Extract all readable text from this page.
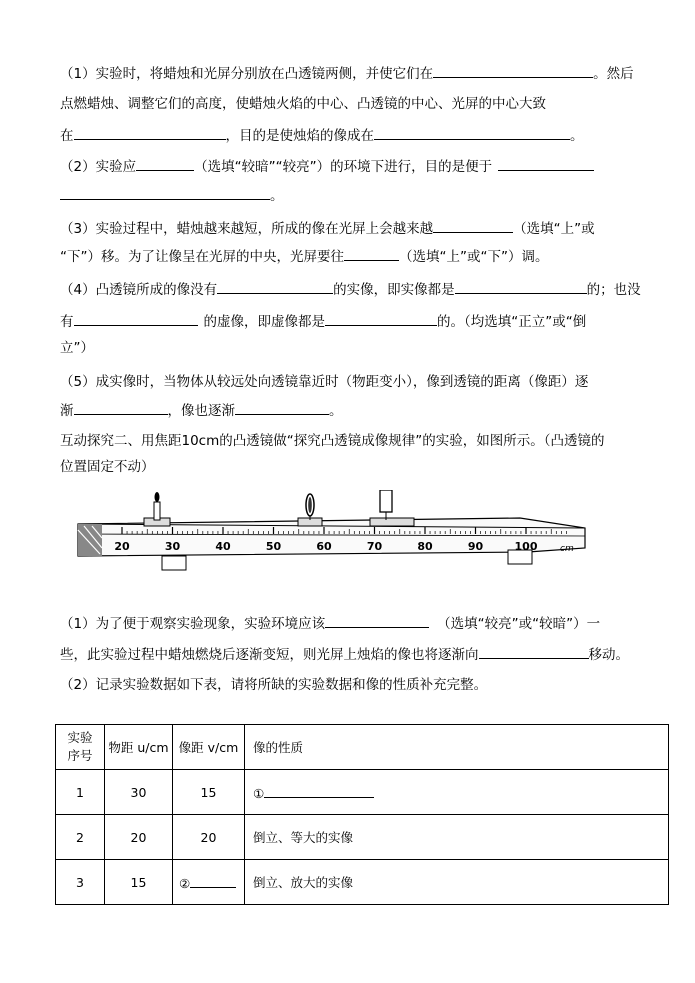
（1）实验时，将蜡烛和光屏分别放在凸透镜两侧，并使它们在	。然后
点燃蜡烛、调整它们的高度，使蜡烛火焰的中心、凸透镜的中心、光屏的中心大致
在	，目的是使烛焰的像成在	。
（2）实验应	（选填“较暗”“较亮”）的环境下进行，目的是便于
。
（3）实验过程中，蜡烛越来越短，所成的像在光屏上会越来越	（选填“上”或
“下”）移。为了让像呈在光屏的中央，光屏要往	（选填“上”或“下”）调。
（4）凸透镜所成的像没有	的实像，即实像都是	的；也没
有	的虚像，即虚像都是	的。（均选填“正立”或“倒
立”）
（5）成实像时，当物体从较远处向透镜靠近时（物距变小），像到透镜的距离（像距）逐
渐	，像也逐渐	。
互动探究二、用焦距10cm的凸透镜做“探究凸透镜成像规律”的实验，如图所示。（凸透镜的
位置固定不动）
20	30	40	50	60	70	80	90	100	cm
（1）为了便于观察实验现象，实验环境应该	（选填“较亮”或“较暗”）一
些，此实验过程中蜡烛燃烧后逐渐变短，则光屏上烛焰的像也将逐渐向	移动。
（2）记录实验数据如下表，请将所缺的实验数据和像的性质补充完整。
实验
序号	物距 u/cm	像距 v/cm	像的性质
1	30	15	①
2	20	20	倒立、等大的实像
3	15	②	倒立、放大的实像
